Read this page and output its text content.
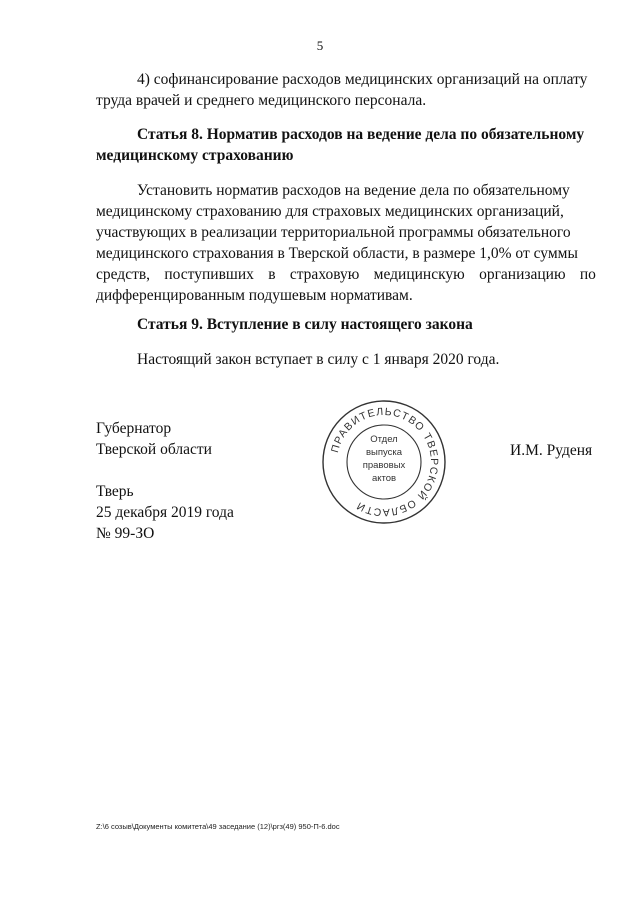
5
4) софинансирование расходов медицинских организаций на оплату
труда врачей и среднего медицинского персонала.
Статья 8. Норматив расходов на ведение дела по обязательному
медицинскому страхованию
Установить норматив расходов на ведение дела по обязательному
медицинскому страхованию для страховых медицинских организаций,
участвующих в реализации территориальной программы обязательного
медицинского страхования в Тверской области, в размере 1,0% от суммы
средств, поступивших в страховую медицинскую организацию по
дифференцированным подушевым нормативам.
Статья 9. Вступление в силу настоящего закона
Настоящий закон вступает в силу с 1 января 2020 года.
Губернатор
Тверской области	И.М. Руденя
Тверь
25 декабря 2019 года
№ 99-ЗО
ПРАВИТЕЛЬСТВО ТВЕРСКОЙ ОБЛАСТИ
Отдел
выпуска
правовых
актов
Z:\6 созыв\Документы комитета\49 заседание (12)\ргз(49) 950-П-6.doc
